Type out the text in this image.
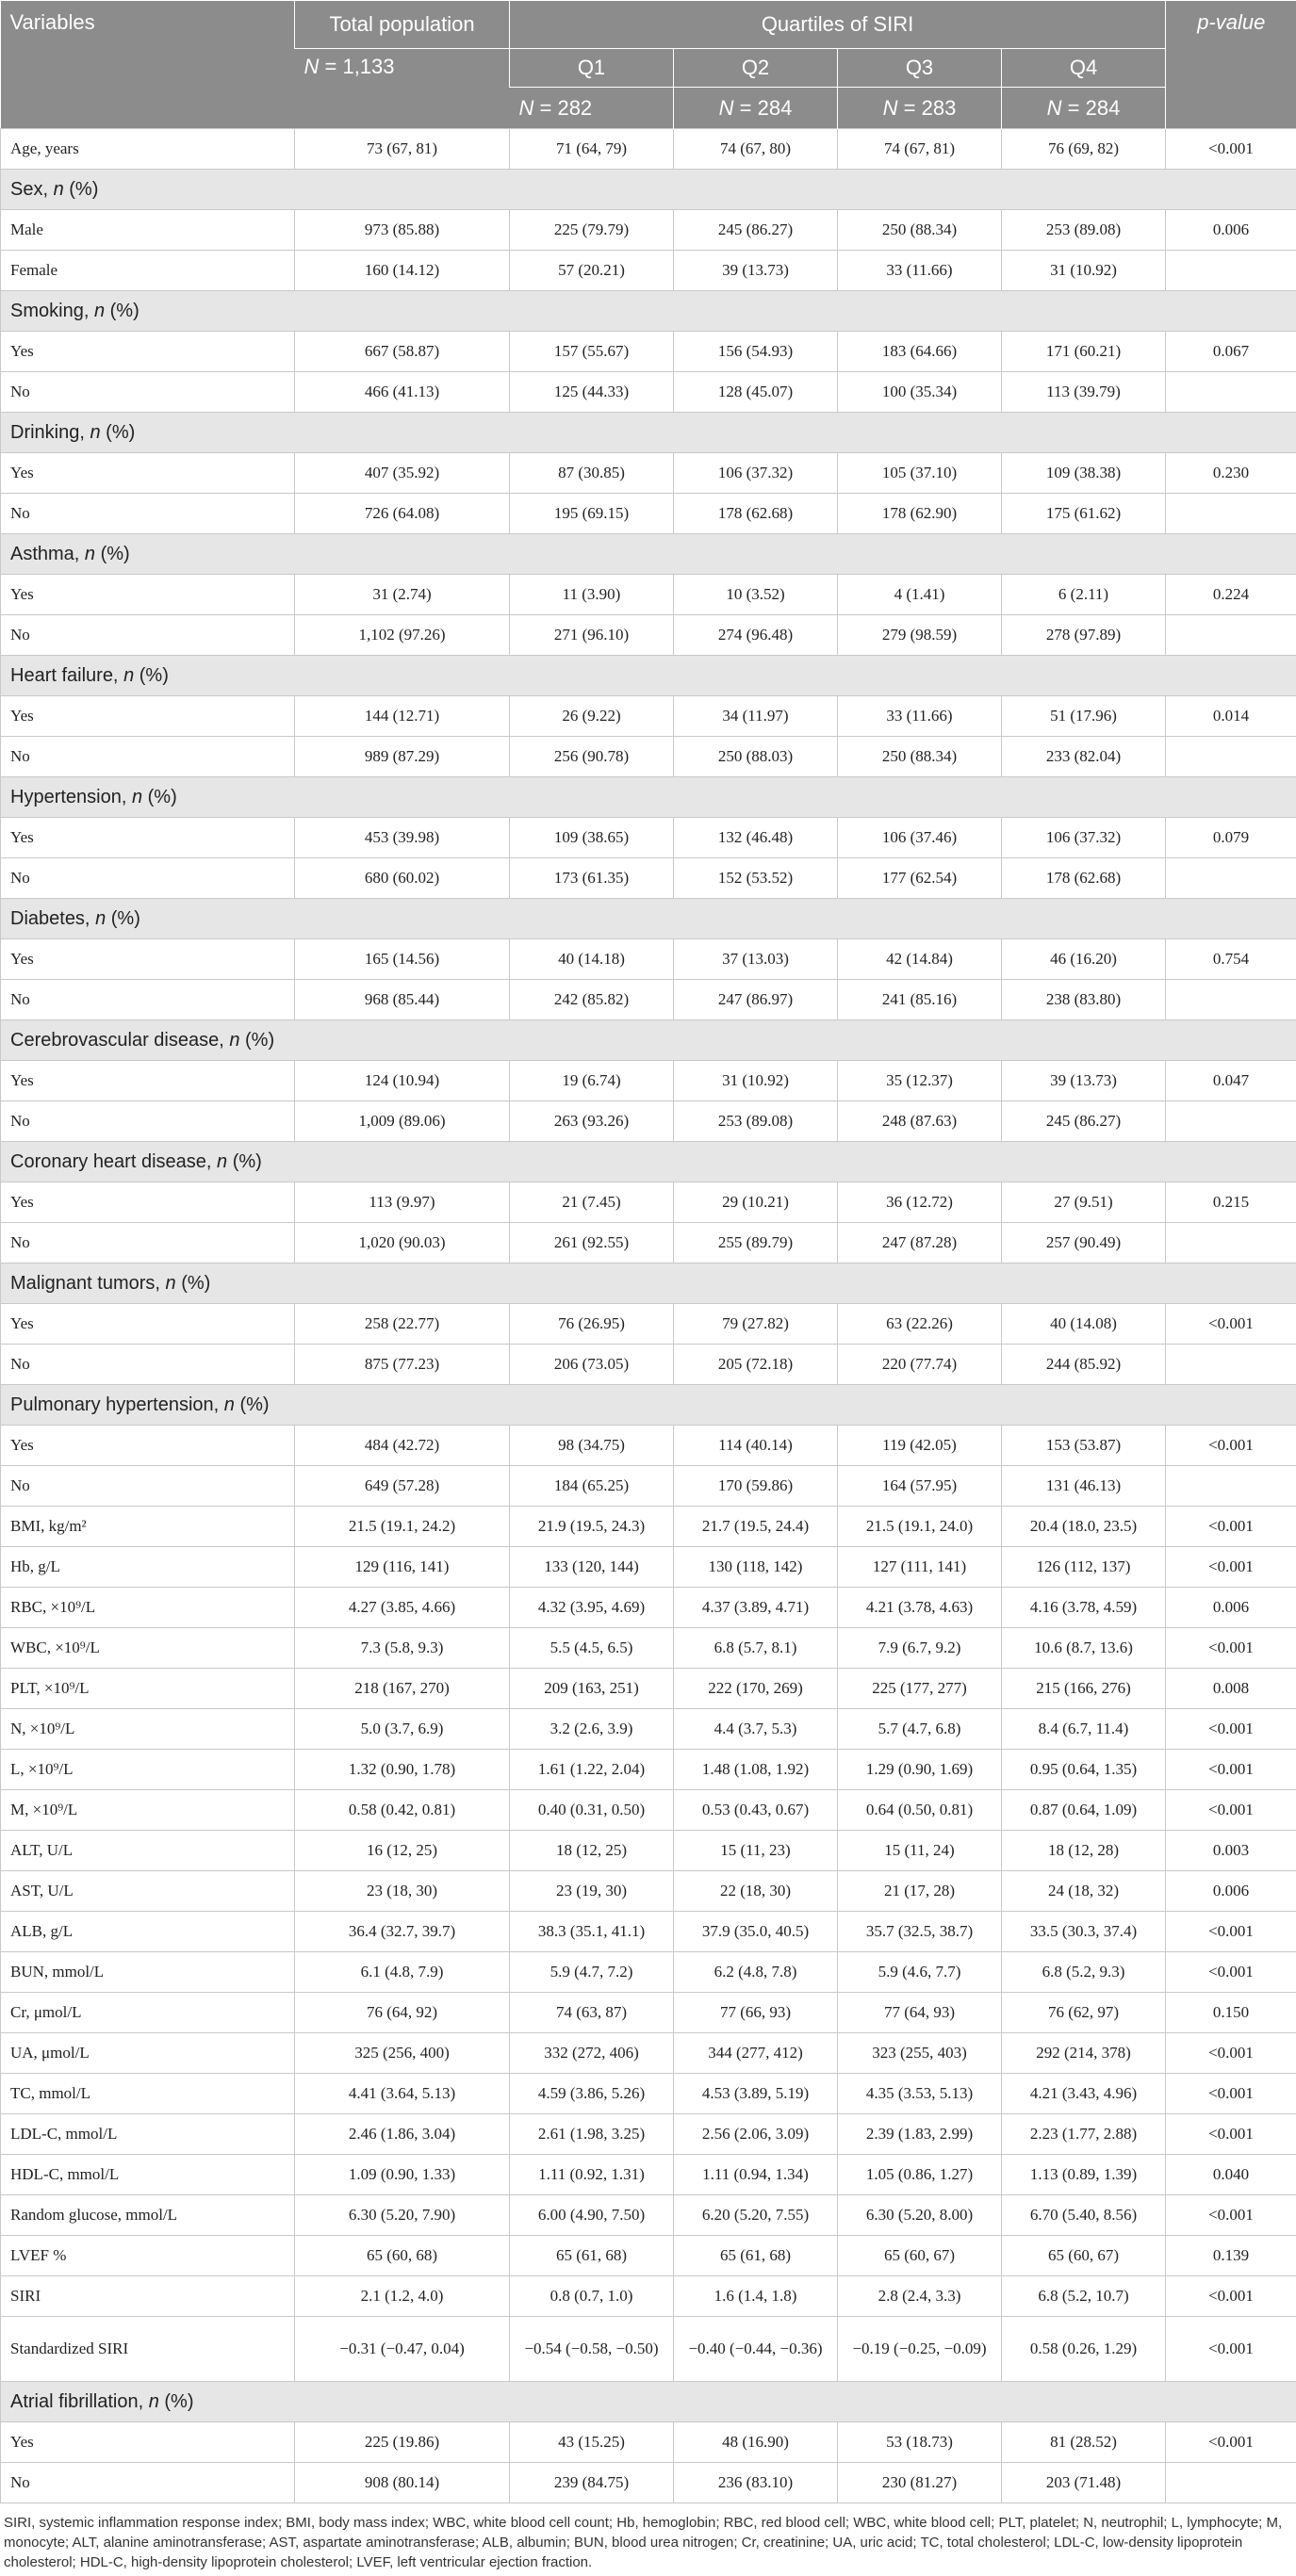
Variables	Total population	Quartiles of SIRI				p-value
	N = 1,133	Q1	Q2	Q3	Q4	
		N = 282	N = 284	N = 283	N = 284	
Age, years	73 (67, 81)	71 (64, 79)	74 (67, 80)	74 (67, 81)	76 (69, 82)	<0.001
Sex, n (%)						
Male	973 (85.88)	225 (79.79)	245 (86.27)	250 (88.34)	253 (89.08)	0.006
Female	160 (14.12)	57 (20.21)	39 (13.73)	33 (11.66)	31 (10.92)	
Smoking, n (%)						
Yes	667 (58.87)	157 (55.67)	156 (54.93)	183 (64.66)	171 (60.21)	0.067
No	466 (41.13)	125 (44.33)	128 (45.07)	100 (35.34)	113 (39.79)	
Drinking, n (%)						
Yes	407 (35.92)	87 (30.85)	106 (37.32)	105 (37.10)	109 (38.38)	0.230
No	726 (64.08)	195 (69.15)	178 (62.68)	178 (62.90)	175 (61.62)	
Asthma, n (%)						
Yes	31 (2.74)	11 (3.90)	10 (3.52)	4 (1.41)	6 (2.11)	0.224
No	1,102 (97.26)	271 (96.10)	274 (96.48)	279 (98.59)	278 (97.89)	
Heart failure, n (%)						
Yes	144 (12.71)	26 (9.22)	34 (11.97)	33 (11.66)	51 (17.96)	0.014
No	989 (87.29)	256 (90.78)	250 (88.03)	250 (88.34)	233 (82.04)	
Hypertension, n (%)						
Yes	453 (39.98)	109 (38.65)	132 (46.48)	106 (37.46)	106 (37.32)	0.079
No	680 (60.02)	173 (61.35)	152 (53.52)	177 (62.54)	178 (62.68)	
Diabetes, n (%)						
Yes	165 (14.56)	40 (14.18)	37 (13.03)	42 (14.84)	46 (16.20)	0.754
No	968 (85.44)	242 (85.82)	247 (86.97)	241 (85.16)	238 (83.80)	
Cerebrovascular disease, n (%)						
Yes	124 (10.94)	19 (6.74)	31 (10.92)	35 (12.37)	39 (13.73)	0.047
No	1,009 (89.06)	263 (93.26)	253 (89.08)	248 (87.63)	245 (86.27)	
Coronary heart disease, n (%)						
Yes	113 (9.97)	21 (7.45)	29 (10.21)	36 (12.72)	27 (9.51)	0.215
No	1,020 (90.03)	261 (92.55)	255 (89.79)	247 (87.28)	257 (90.49)	
Malignant tumors, n (%)						
Yes	258 (22.77)	76 (26.95)	79 (27.82)	63 (22.26)	40 (14.08)	<0.001
No	875 (77.23)	206 (73.05)	205 (72.18)	220 (77.74)	244 (85.92)	
Pulmonary hypertension, n (%)						
Yes	484 (42.72)	98 (34.75)	114 (40.14)	119 (42.05)	153 (53.87)	<0.001
No	649 (57.28)	184 (65.25)	170 (59.86)	164 (57.95)	131 (46.13)	
BMI, kg/m²	21.5 (19.1, 24.2)	21.9 (19.5, 24.3)	21.7 (19.5, 24.4)	21.5 (19.1, 24.0)	20.4 (18.0, 23.5)	<0.001
Hb, g/L	129 (116, 141)	133 (120, 144)	130 (118, 142)	127 (111, 141)	126 (112, 137)	<0.001
RBC, ×10⁹/L	4.27 (3.85, 4.66)	4.32 (3.95, 4.69)	4.37 (3.89, 4.71)	4.21 (3.78, 4.63)	4.16 (3.78, 4.59)	0.006
WBC, ×10⁹/L	7.3 (5.8, 9.3)	5.5 (4.5, 6.5)	6.8 (5.7, 8.1)	7.9 (6.7, 9.2)	10.6 (8.7, 13.6)	<0.001
PLT, ×10⁹/L	218 (167, 270)	209 (163, 251)	222 (170, 269)	225 (177, 277)	215 (166, 276)	0.008
N, ×10⁹/L	5.0 (3.7, 6.9)	3.2 (2.6, 3.9)	4.4 (3.7, 5.3)	5.7 (4.7, 6.8)	8.4 (6.7, 11.4)	<0.001
L, ×10⁹/L	1.32 (0.90, 1.78)	1.61 (1.22, 2.04)	1.48 (1.08, 1.92)	1.29 (0.90, 1.69)	0.95 (0.64, 1.35)	<0.001
M, ×10⁹/L	0.58 (0.42, 0.81)	0.40 (0.31, 0.50)	0.53 (0.43, 0.67)	0.64 (0.50, 0.81)	0.87 (0.64, 1.09)	<0.001
ALT, U/L	16 (12, 25)	18 (12, 25)	15 (11, 23)	15 (11, 24)	18 (12, 28)	0.003
AST, U/L	23 (18, 30)	23 (19, 30)	22 (18, 30)	21 (17, 28)	24 (18, 32)	0.006
ALB, g/L	36.4 (32.7, 39.7)	38.3 (35.1, 41.1)	37.9 (35.0, 40.5)	35.7 (32.5, 38.7)	33.5 (30.3, 37.4)	<0.001
BUN, mmol/L	6.1 (4.8, 7.9)	5.9 (4.7, 7.2)	6.2 (4.8, 7.8)	5.9 (4.6, 7.7)	6.8 (5.2, 9.3)	<0.001
Cr, μmol/L	76 (64, 92)	74 (63, 87)	77 (66, 93)	77 (64, 93)	76 (62, 97)	0.150
UA, μmol/L	325 (256, 400)	332 (272, 406)	344 (277, 412)	323 (255, 403)	292 (214, 378)	<0.001
TC, mmol/L	4.41 (3.64, 5.13)	4.59 (3.86, 5.26)	4.53 (3.89, 5.19)	4.35 (3.53, 5.13)	4.21 (3.43, 4.96)	<0.001
LDL-C, mmol/L	2.46 (1.86, 3.04)	2.61 (1.98, 3.25)	2.56 (2.06, 3.09)	2.39 (1.83, 2.99)	2.23 (1.77, 2.88)	<0.001
HDL-C, mmol/L	1.09 (0.90, 1.33)	1.11 (0.92, 1.31)	1.11 (0.94, 1.34)	1.05 (0.86, 1.27)	1.13 (0.89, 1.39)	0.040
Random glucose, mmol/L	6.30 (5.20, 7.90)	6.00 (4.90, 7.50)	6.20 (5.20, 7.55)	6.30 (5.20, 8.00)	6.70 (5.40, 8.56)	<0.001
LVEF %	65 (60, 68)	65 (61, 68)	65 (61, 68)	65 (60, 67)	65 (60, 67)	0.139
SIRI	2.1 (1.2, 4.0)	0.8 (0.7, 1.0)	1.6 (1.4, 1.8)	2.8 (2.4, 3.3)	6.8 (5.2, 10.7)	<0.001
Standardized SIRI	−0.31 (−0.47, 0.04)	−0.54 (−0.58, −0.50)	−0.40 (−0.44, −0.36)	−0.19 (−0.25, −0.09)	0.58 (0.26, 1.29)	<0.001
Atrial fibrillation, n (%)						
Yes	225 (19.86)	43 (15.25)	48 (16.90)	53 (18.73)	81 (28.52)	<0.001
No	908 (80.14)	239 (84.75)	236 (83.10)	230 (81.27)	203 (71.48)	
SIRI, systemic inflammation response index; BMI, body mass index; WBC, white blood cell count; Hb, hemoglobin; RBC, red blood cell; WBC, white blood cell; PLT, platelet; N, neutrophil; L, lymphocyte; M, monocyte; ALT, alanine aminotransferase; AST, aspartate aminotransferase; ALB, albumin; BUN, blood urea nitrogen; Cr, creatinine; UA, uric acid; TC, total cholesterol; LDL-C, low-density lipoprotein cholesterol; HDL-C, high-density lipoprotein cholesterol; LVEF, left ventricular ejection fraction.
